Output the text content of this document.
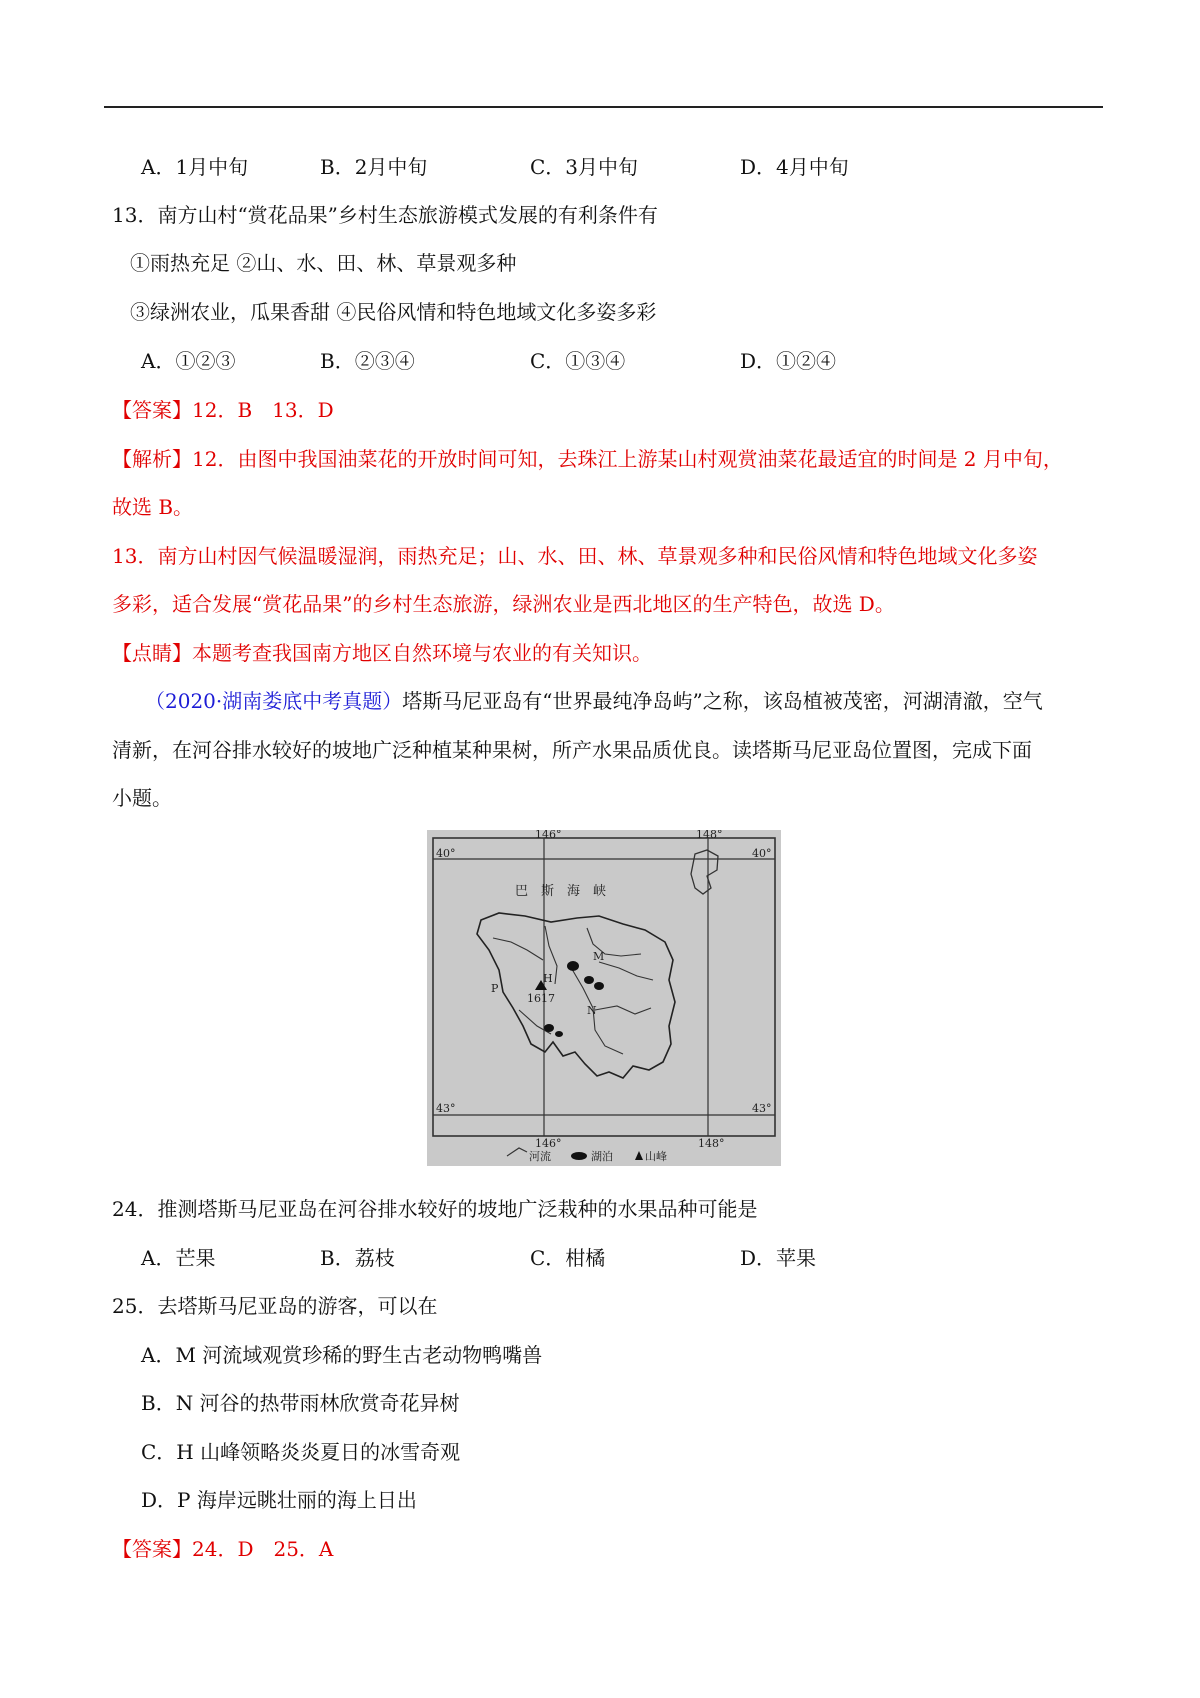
A．1月中旬	B．2月中旬	C．3月中旬	D．4月中旬
13．南方山村“赏花品果”乡村生态旅游模式发展的有利条件有
①雨热充足 ②山、水、田、林、草景观多种
③绿洲农业，瓜果香甜 ④民俗风情和特色地域文化多姿多彩
A．①②③	B．②③④	C．①③④	D．①②④
【答案】12．B　13．D
【解析】12．由图中我国油菜花的开放时间可知，去珠江上游某山村观赏油菜花最适宜的时间是 2 月中旬，
故选 B。
13．南方山村因气候温暖湿润，雨热充足；山、水、田、林、草景观多种和民俗风情和特色地域文化多姿
多彩，适合发展“赏花品果”的乡村生态旅游，绿洲农业是西北地区的生产特色，故选 D。
【点睛】本题考查我国南方地区自然环境与农业的有关知识。
（2020·湖南娄底中考真题）塔斯马尼亚岛有“世界最纯净岛屿”之称，该岛植被茂密，河湖清澈，空气
清新，在河谷排水较好的坡地广泛种植某种果树，所产水果品质优良。读塔斯马尼亚岛位置图，完成下面
小题。
146°	148°
146°	148°
40°	40°
43°	43°
巴　斯　海　峡
H
1617
M
N
P
河流	湖泊	山峰
24．推测塔斯马尼亚岛在河谷排水较好的坡地广泛栽种的水果品种可能是
A．芒果	B．荔枝	C．柑橘	D．苹果
25．去塔斯马尼亚岛的游客，可以在
A．M 河流域观赏珍稀的野生古老动物鸭嘴兽
B．N 河谷的热带雨林欣赏奇花异树
C．H 山峰领略炎炎夏日的冰雪奇观
D．P 海岸远眺壮丽的海上日出
【答案】24．D　25．A
